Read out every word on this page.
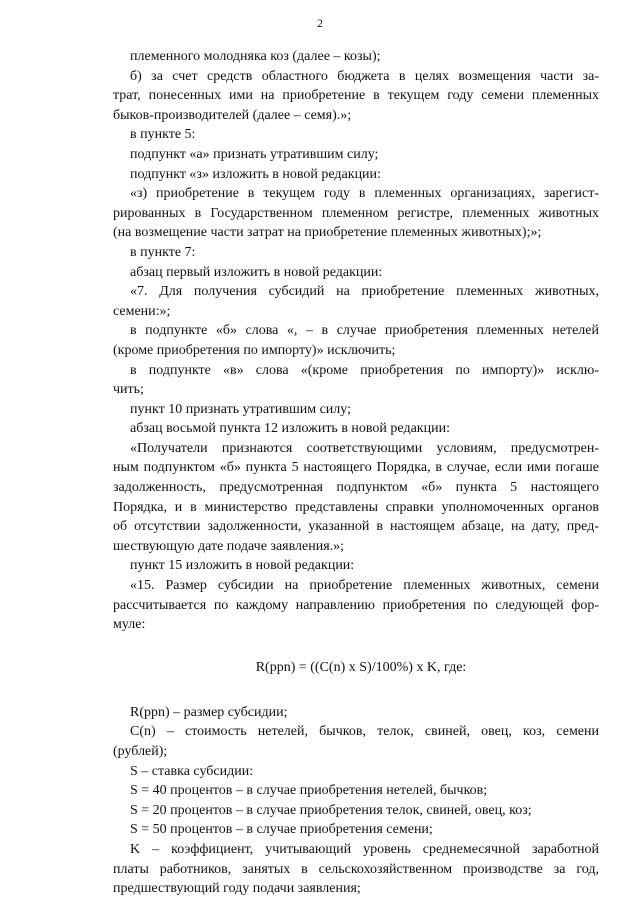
2
племенного молодняка коз (далее – козы);
б) за счет средств областного бюджета в целях возмещения части за-
трат, понесенных ими на приобретение в текущем году семени племенных
быков-производителей (далее – семя).»;
в пункте 5:
подпункт «а» признать утратившим силу;
подпункт «з» изложить в новой редакции:
«з) приобретение в текущем году в племенных организациях, зарегист-
рированных в Государственном племенном регистре, племенных животных
(на возмещение части затрат на приобретение племенных животных);»;
в пункте 7:
абзац первый изложить в новой редакции:
«7. Для получения субсидий на приобретение племенных животных,
семени:»;
в подпункте «б» слова «, – в случае приобретения племенных нетелей
(кроме приобретения по импорту)» исключить;
в подпункте «в» слова «(кроме приобретения по импорту)» исклю-
чить;
пункт 10 признать утратившим силу;
абзац восьмой пункта 12 изложить в новой редакции:
«Получатели признаются соответствующими условиям, предусмотрен-
ным подпунктом «б» пункта 5 настоящего Порядка, в случае, если ими погаше
задолженность, предусмотренная подпунктом «б» пункта 5 настоящего
Порядка, и в министерство представлены справки уполномоченных органов
об отсутствии задолженности, указанной в настоящем абзаце, на дату, пред-
шествующую дате подаче заявления.»;
пункт 15 изложить в новой редакции:
«15. Размер субсидии на приобретение племенных животных, семени
рассчитывается по каждому направлению приобретения по следующей фор-
муле:
R(ppn) = ((C(n) x S)/100%) x K, где:
R(ppn) – размер субсидии;
C(n) – стоимость нетелей, бычков, телок, свиней, овец, коз, семени
(рублей);
S – ставка субсидии:
S = 40 процентов – в случае приобретения нетелей, бычков;
S = 20 процентов – в случае приобретения телок, свиней, овец, коз;
S = 50 процентов – в случае приобретения семени;
K – коэффициент, учитывающий уровень среднемесячной заработной
платы работников, занятых в сельскохозяйственном производстве за год,
предшествующий году подачи заявления;
